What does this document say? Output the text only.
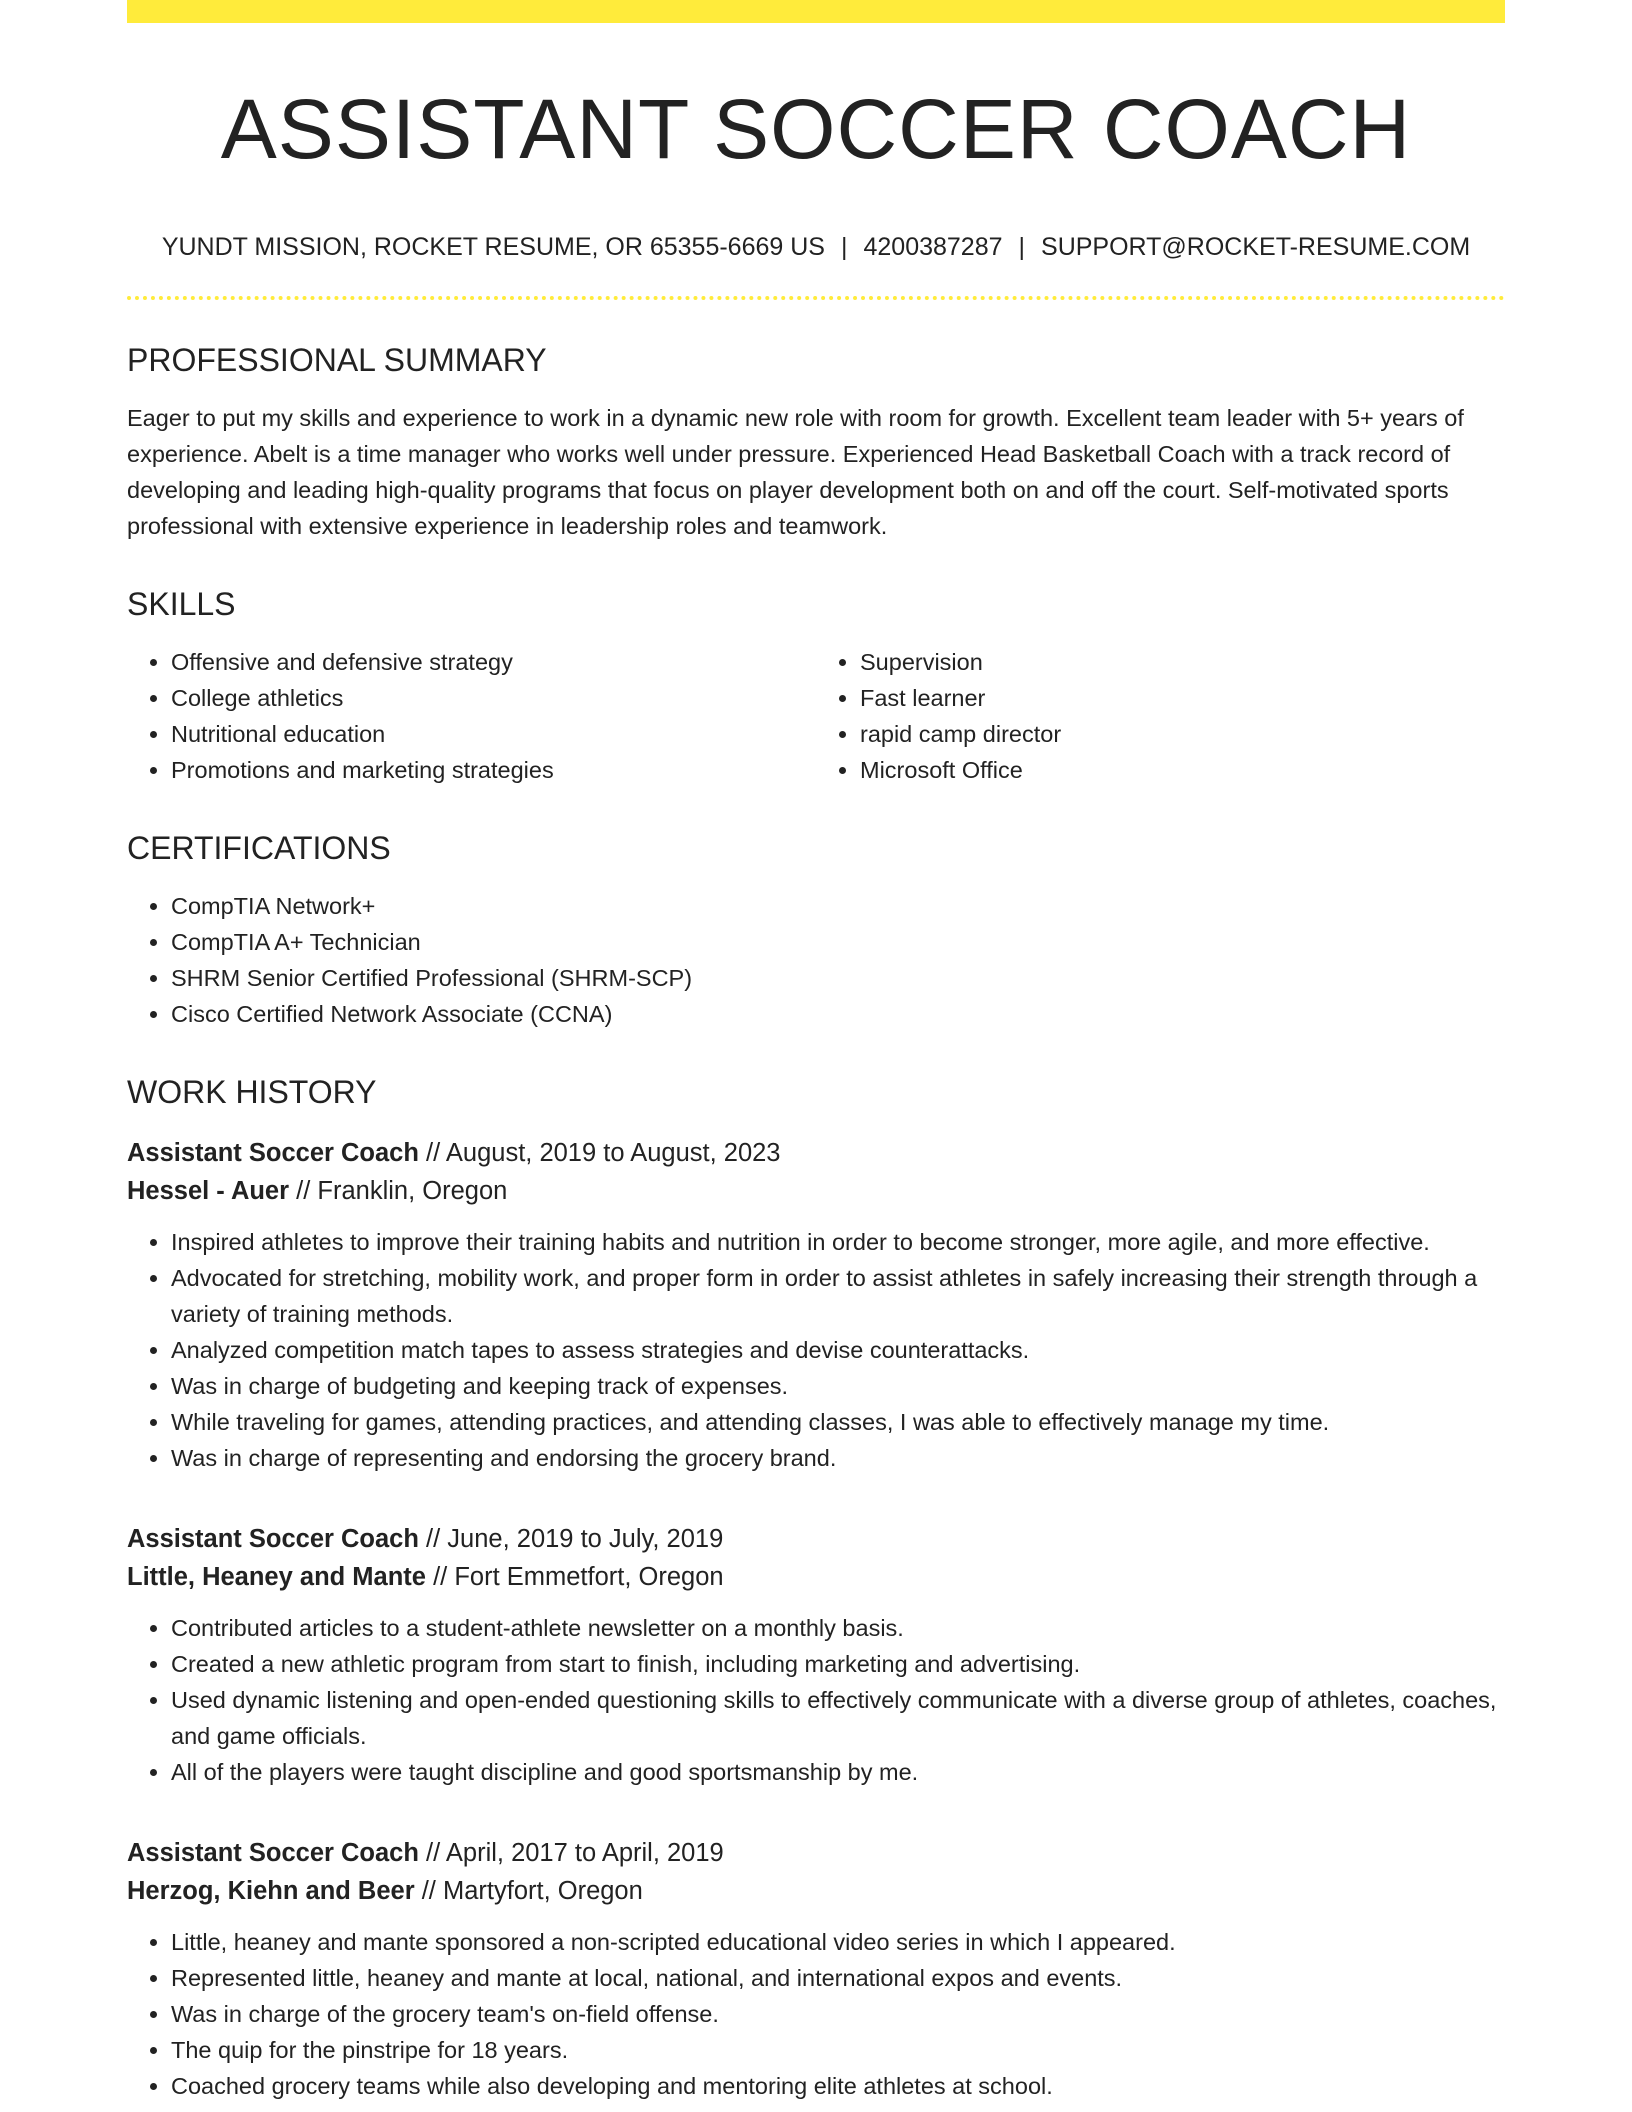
ASSISTANT SOCCER COACH
YUNDT MISSION, ROCKET RESUME, OR 65355-6669 US | 4200387287 | SUPPORT@ROCKET-RESUME.COM
PROFESSIONAL SUMMARY

Eager to put my skills and experience to work in a dynamic new role with room for growth. Excellent team leader with 5+ years of experience. Abelt is a time manager who works well under pressure. Experienced Head Basketball Coach with a track record of developing and leading high-quality programs that focus on player development both on and off the court. Self-motivated sports professional with extensive experience in leadership roles and teamwork.

SKILLS
• Offensive and defensive strategy
• College athletics
• Nutritional education
• Promotions and marketing strategies
• Supervision
• Fast learner
• rapid camp director
• Microsoft Office
CERTIFICATIONS
• CompTIA Network+
• CompTIA A+ Technician
• SHRM Senior Certified Professional (SHRM-SCP)
• Cisco Certified Network Associate (CCNA)
WORK HISTORY
Assistant Soccer Coach // August, 2019 to August, 2023
Hessel - Auer // Franklin, Oregon
• Inspired athletes to improve their training habits and nutrition in order to become stronger, more agile, and more effective.
• Advocated for stretching, mobility work, and proper form in order to assist athletes in safely increasing their strength through a variety of training methods.
• Analyzed competition match tapes to assess strategies and devise counterattacks.
• Was in charge of budgeting and keeping track of expenses.
• While traveling for games, attending practices, and attending classes, I was able to effectively manage my time.
• Was in charge of representing and endorsing the grocery brand.
Assistant Soccer Coach // June, 2019 to July, 2019
Little, Heaney and Mante // Fort Emmetfort, Oregon
• Contributed articles to a student-athlete newsletter on a monthly basis.
• Created a new athletic program from start to finish, including marketing and advertising.
• Used dynamic listening and open-ended questioning skills to effectively communicate with a diverse group of athletes, coaches, and game officials.
• All of the players were taught discipline and good sportsmanship by me.
Assistant Soccer Coach // April, 2017 to April, 2019
Herzog, Kiehn and Beer // Martyfort, Oregon
• Little, heaney and mante sponsored a non-scripted educational video series in which I appeared.
• Represented little, heaney and mante at local, national, and international expos and events.
• Was in charge of the grocery team's on-field offense.
• The quip for the pinstripe for 18 years.
• Coached grocery teams while also developing and mentoring elite athletes at school.
